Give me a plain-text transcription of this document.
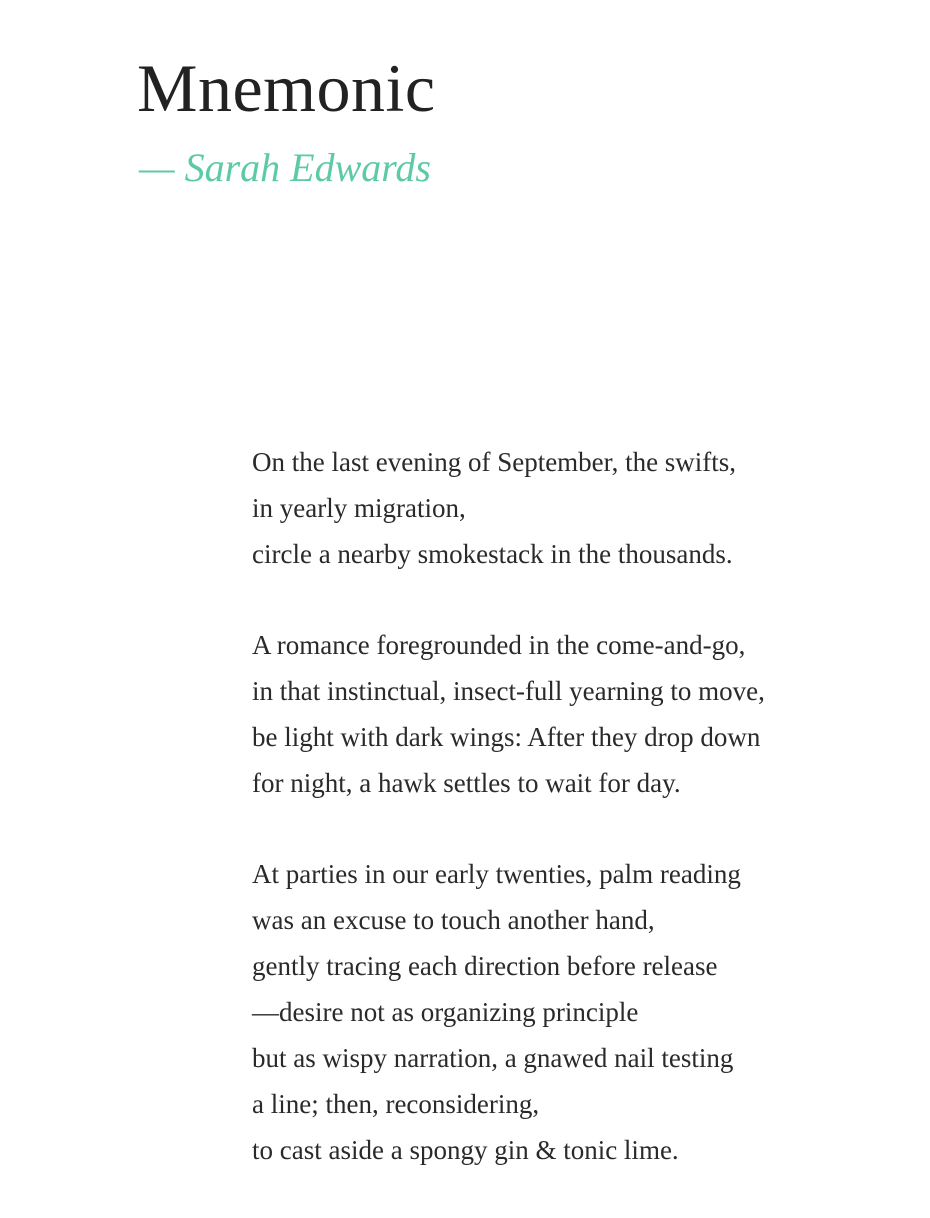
Mnemonic

— Sarah Edwards

On the last evening of September, the swifts,
in yearly migration,
circle a nearby smokestack in the thousands.
A romance foregrounded in the come-and-go,
in that instinctual, insect-full yearning to move,
be light with dark wings: After they drop down
for night, a hawk settles to wait for day.
At parties in our early twenties, palm reading
was an excuse to touch another hand,
gently tracing each direction before release
—desire not as organizing principle
but as wispy narration, a gnawed nail testing
a line; then, reconsidering,
to cast aside a spongy gin & tonic lime.
